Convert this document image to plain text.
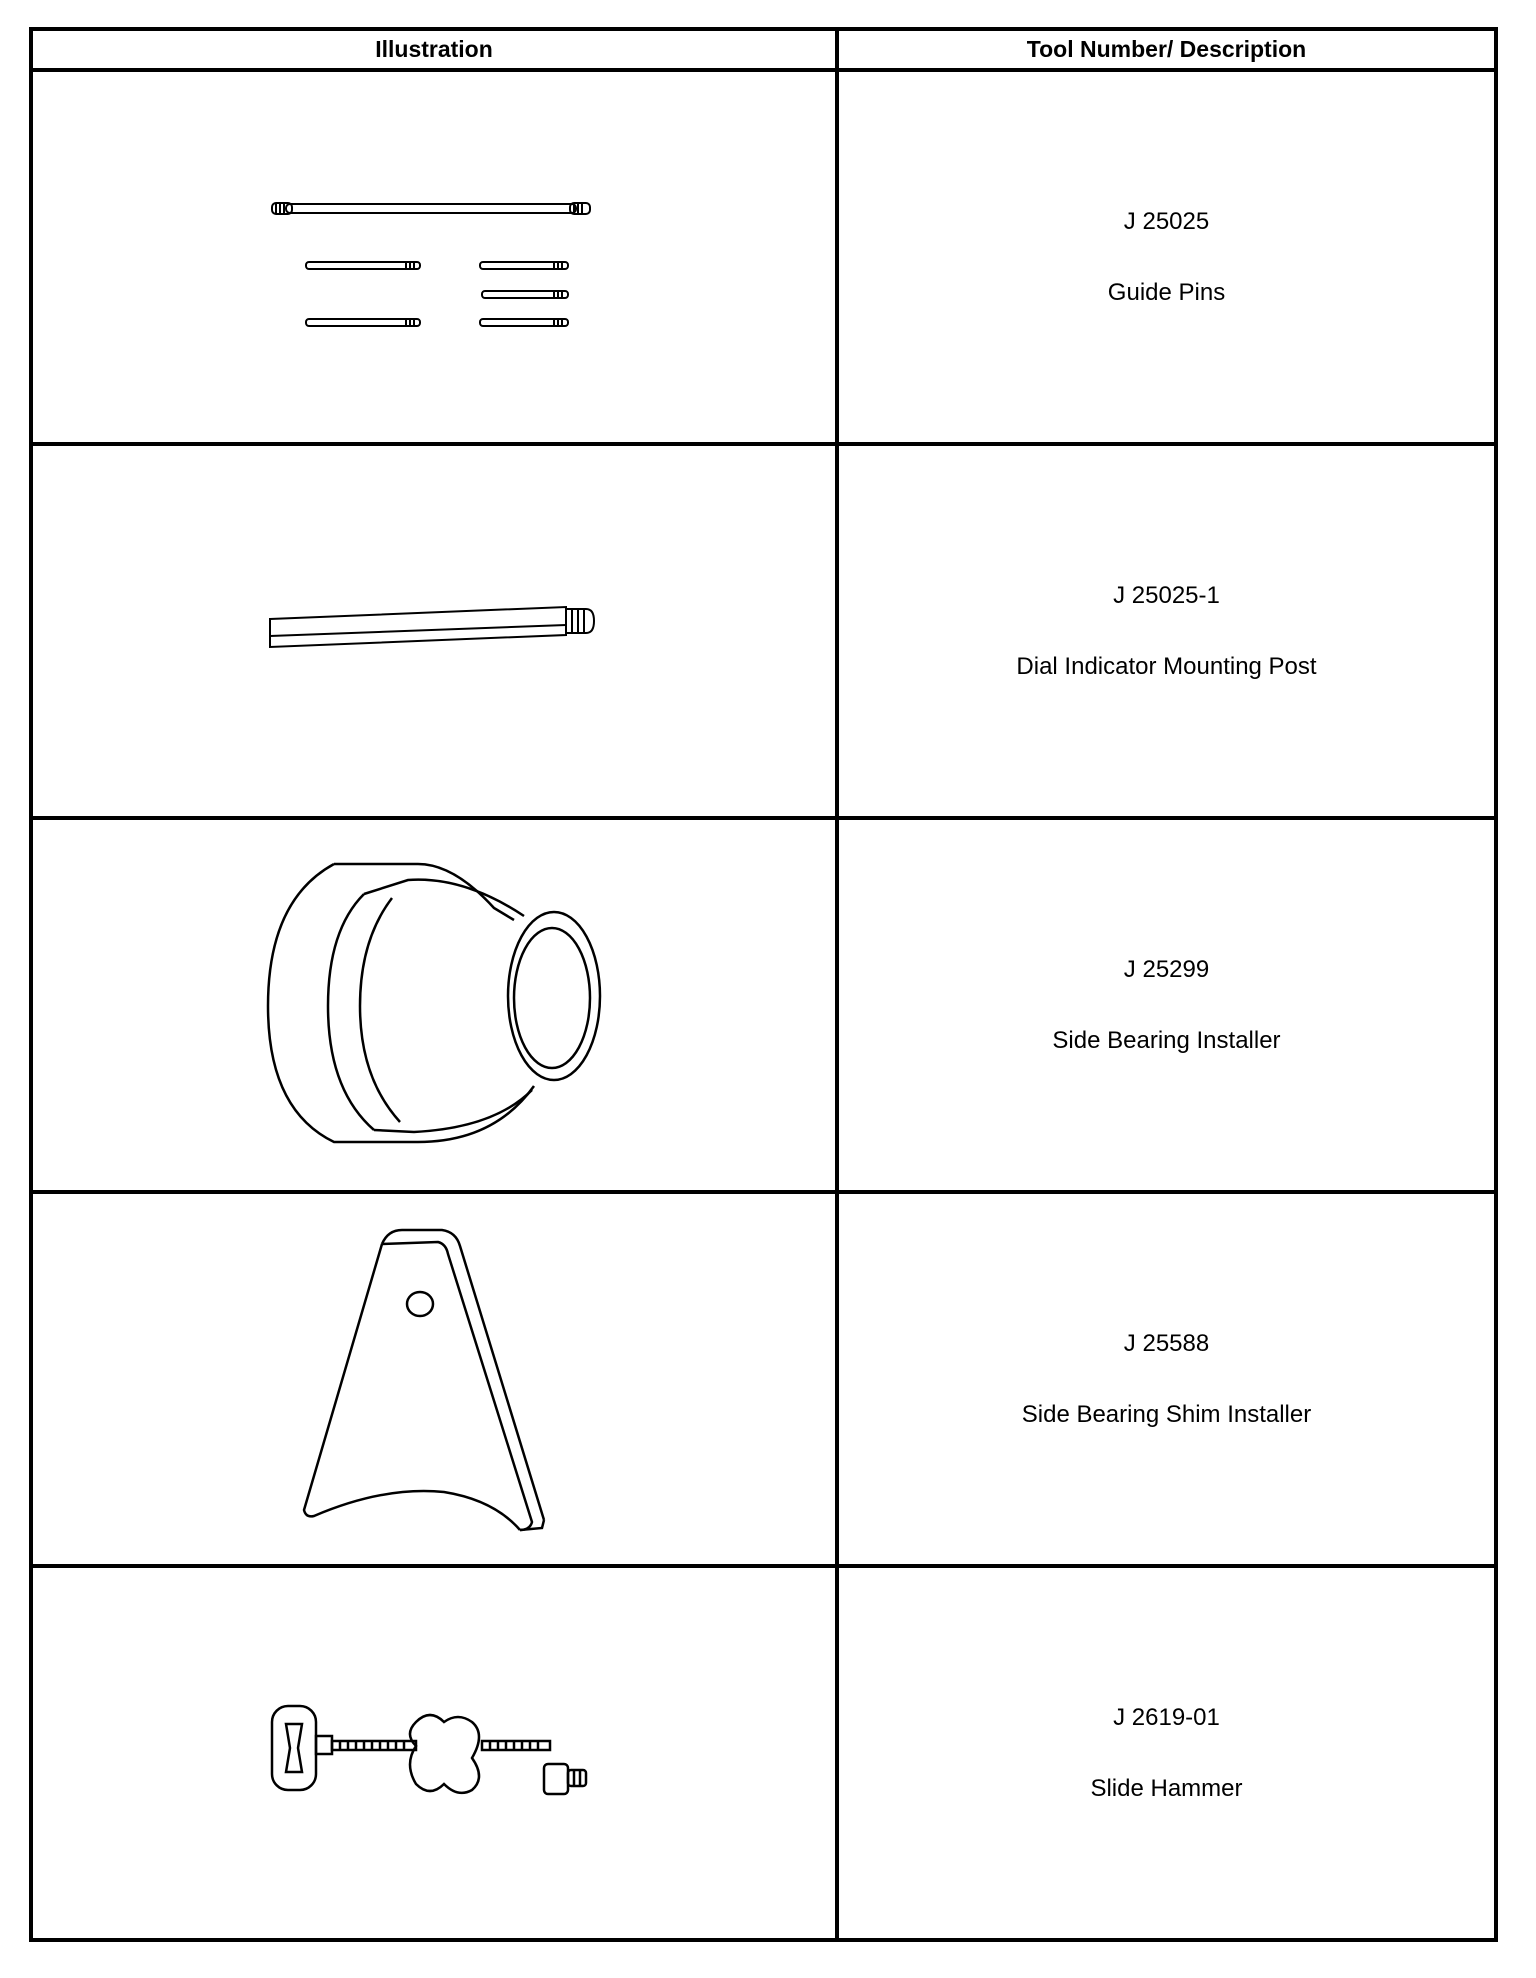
Illustration	Tool Number/ Description

J 25025
Guide Pins

J 25025-1
Dial Indicator Mounting Post

J 25299
Side Bearing Installer

J 25588
Side Bearing Shim Installer

J 2619-01
Slide Hammer
